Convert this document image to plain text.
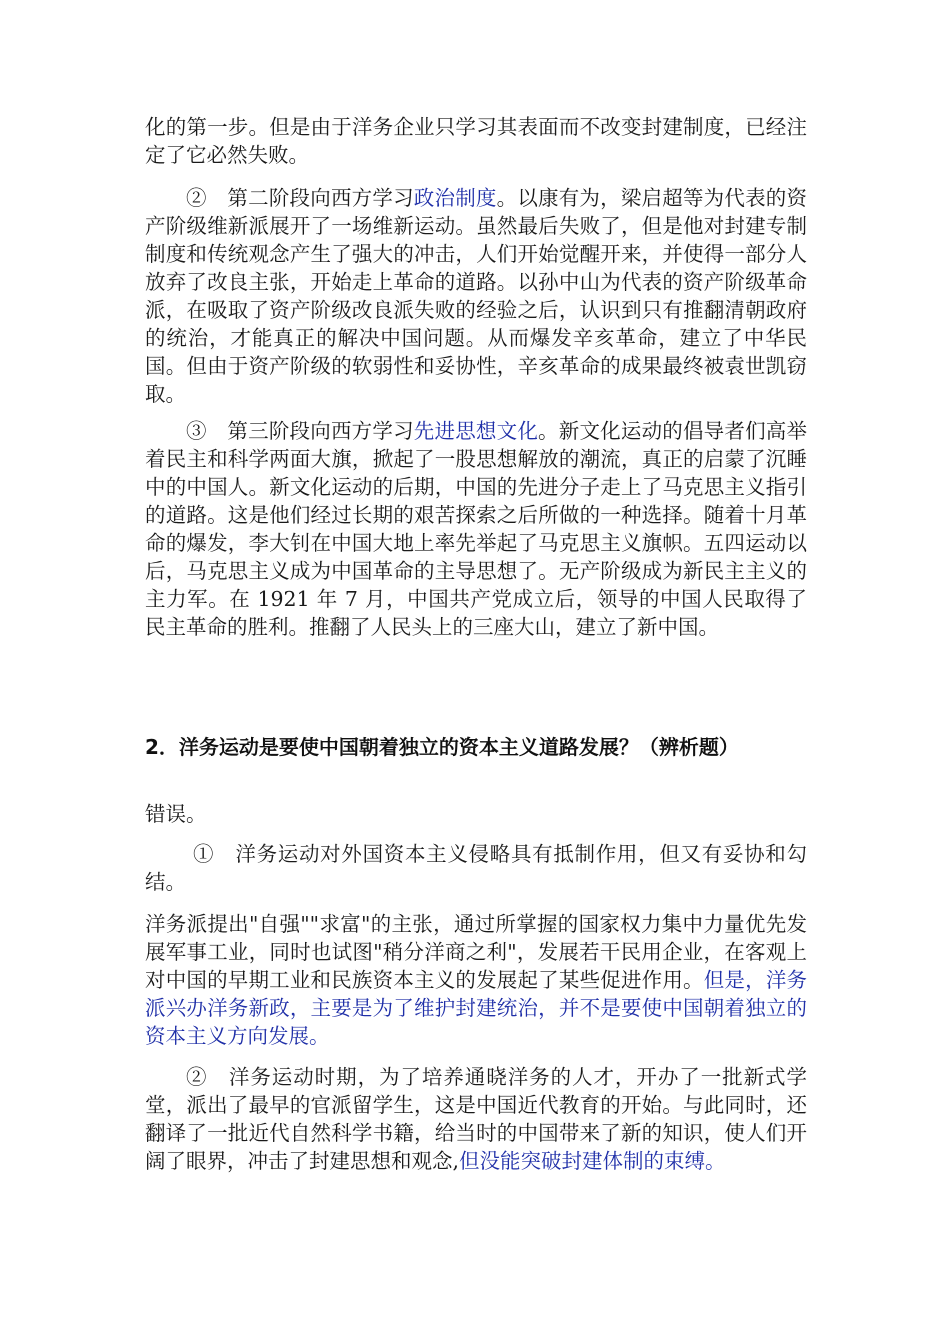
化的第一步。但是由于洋务企业只学习其表面而不改变封建制度，已经注定了它必然失败。

②　第二阶段向西方学习政治制度。以康有为，梁启超等为代表的资产阶级维新派展开了一场维新运动。虽然最后失败了，但是他对封建专制制度和传统观念产生了强大的冲击，人们开始觉醒开来，并使得一部分人放弃了改良主张，开始走上革命的道路。以孙中山为代表的资产阶级革命派，在吸取了资产阶级改良派失败的经验之后，认识到只有推翻清朝政府的统治，才能真正的解决中国问题。从而爆发辛亥革命，建立了中华民国。但由于资产阶级的软弱性和妥协性，辛亥革命的成果最终被袁世凯窃取。

③　第三阶段向西方学习先进思想文化。新文化运动的倡导者们高举着民主和科学两面大旗，掀起了一股思想解放的潮流，真正的启蒙了沉睡中的中国人。新文化运动的后期，中国的先进分子走上了马克思主义指引的道路。这是他们经过长期的艰苦探索之后所做的一种选择。随着十月革命的爆发，李大钊在中国大地上率先举起了马克思主义旗帜。五四运动以后，马克思主义成为中国革命的主导思想了。无产阶级成为新民主主义的主力军。在 1921 年 7 月，中国共产党成立后，领导的中国人民取得了民主革命的胜利。推翻了人民头上的三座大山，建立了新中国。

2．洋务运动是要使中国朝着独立的资本主义道路发展？（辨析题）

错误。

①　洋务运动对外国资本主义侵略具有抵制作用，但又有妥协和勾结。

洋务派提出"自强""求富"的主张，通过所掌握的国家权力集中力量优先发展军事工业，同时也试图"稍分洋商之利"，发展若干民用企业，在客观上对中国的早期工业和民族资本主义的发展起了某些促进作用。但是，洋务派兴办洋务新政，主要是为了维护封建统治，并不是要使中国朝着独立的资本主义方向发展。

②　洋务运动时期，为了培养通晓洋务的人才，开办了一批新式学堂，派出了最早的官派留学生，这是中国近代教育的开始。与此同时，还翻译了一批近代自然科学书籍，给当时的中国带来了新的知识，使人们开阔了眼界，冲击了封建思想和观念,但没能突破封建体制的束缚。
